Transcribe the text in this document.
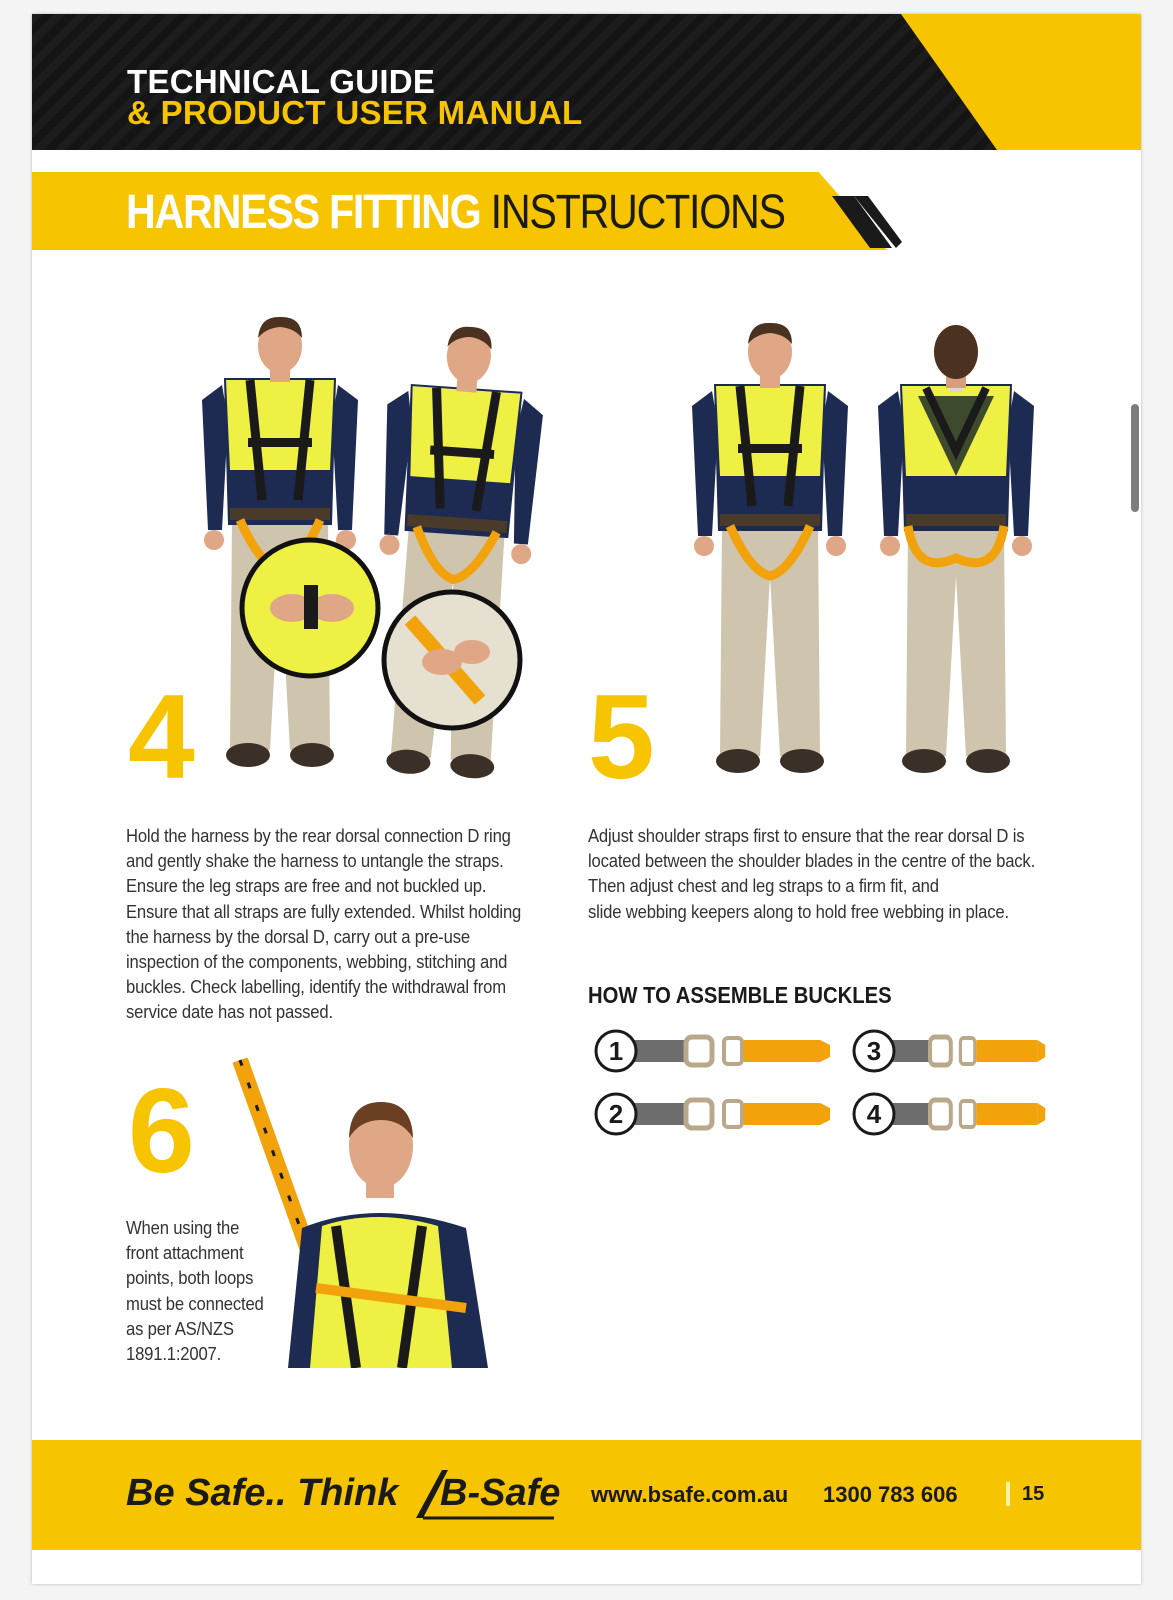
TECHNICAL GUIDE
& PRODUCT USER MANUAL
HARNESS FITTING INSTRUCTIONS
4	5
Hold the harness by the rear dorsal connection D ring
and gently shake the harness to untangle the straps.
Ensure the leg straps are free and not buckled up.
Ensure that all straps are fully extended. Whilst holding
the harness by the dorsal D, carry out a pre-use
inspection of the components, webbing, stitching and
buckles. Check labelling, identify the withdrawal from
service date has not passed.
Adjust shoulder straps first to ensure that the rear dorsal D is
located between the shoulder blades in the centre of the back.
Then adjust chest and leg straps to a firm fit, and
slide webbing keepers along to hold free webbing in place.
HOW TO ASSEMBLE BUCKLES
1
2
3
4
6
When using the
front attachment
points, both loops
must be connected
as per AS/NZS
1891.1:2007.
Be Safe.. Think B-Safe www.bsafe.com.au 1300 783 606	15
